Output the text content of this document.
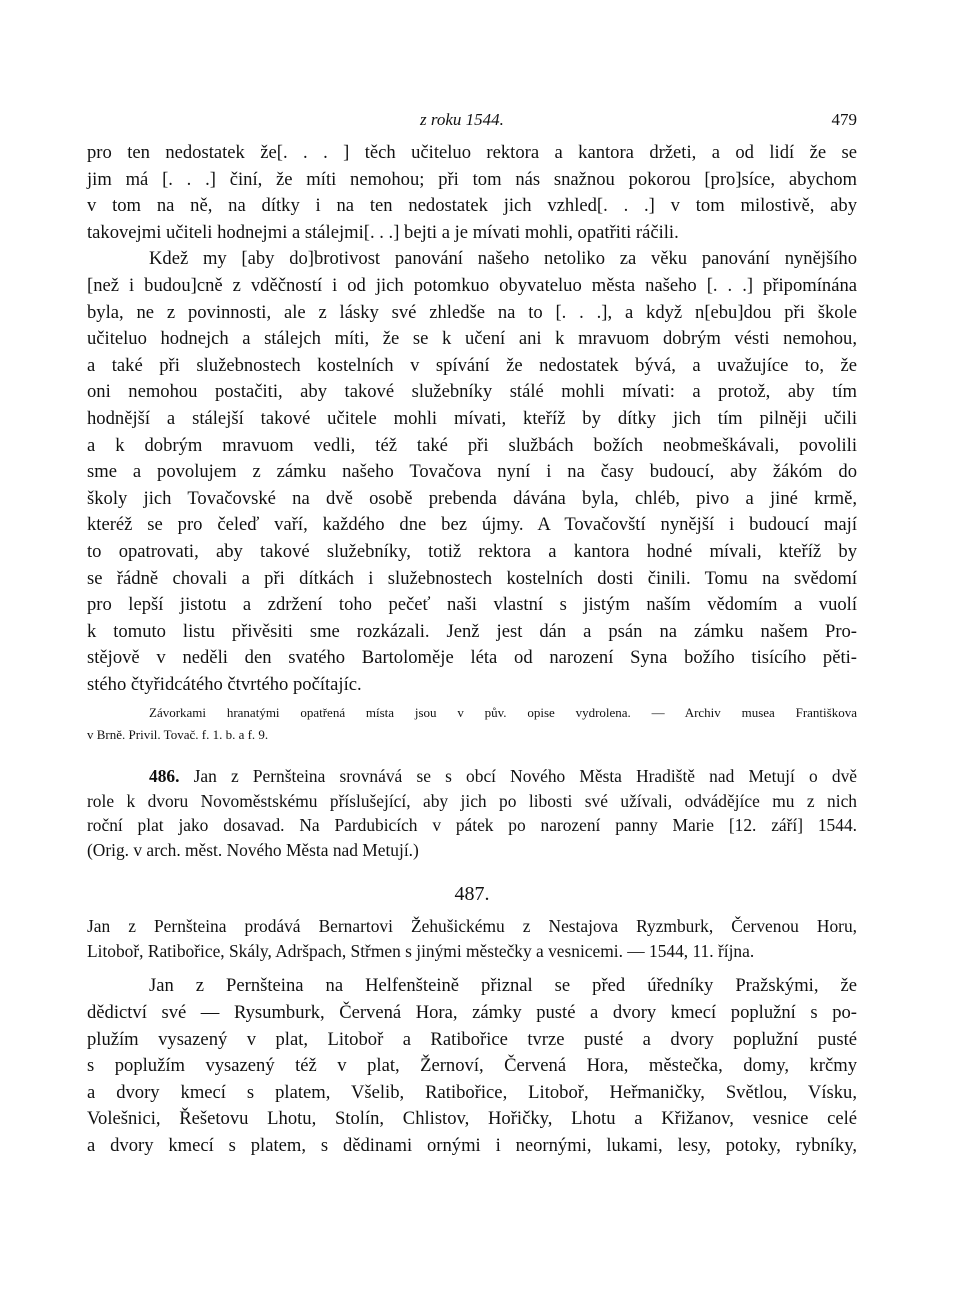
z roku 1544.	479
pro ten nedostatek že[. . . ] těch učiteluo rektora a kantora držeti, a od lidí že se
jim má [. . .] činí, že míti nemohou; při tom nás snažnou pokorou [pro]síce, abychom
v tom na ně, na dítky i na ten nedostatek jich vzhled[. . .] v tom milostivě, aby
takovejmi učiteli hodnejmi a stálejmi[. . .] bejti a je mívati mohli, opatřiti ráčili.
Kdež my [aby do]brotivost panování našeho netoliko za věku panování nynějšího
[než i budou]cně z vděčností i od jich potomkuo obyvateluo města našeho [. . .] připomínána
byla, ne z povinnosti, ale z lásky své zhledše na to [. . .], a když n[ebu]dou při škole
učiteluo hodnejch a stálejch míti, že se k učení ani k mravuom dobrým vésti nemohou,
a také při služebnostech kostelních v spívání že nedostatek bývá, a uvažujíce to, že
oni nemohou postačiti, aby takové služebníky stálé mohli mívati: a protož, aby tím
hodnější a stálejší takové učitele mohli mívati, kteříž by dítky jich tím pilněji učili
a k dobrým mravuom vedli, též také při službách božích neobmeškávali, povolili
sme a povolujem z zámku našeho Tovačova nyní i na časy budoucí, aby žákóm do
školy jich Tovačovské na dvě osobě prebenda dávána byla, chléb, pivo a jiné krmě,
kteréž se pro čeleď vaří, každého dne bez újmy. A Tovačovští nynější i budoucí mají
to opatrovati, aby takové služebníky, totiž rektora a kantora hodné mívali, kteříž by
se řádně chovali a při dítkách i služebnostech kostelních dosti činili. Tomu na svědomí
pro lepší jistotu a zdržení toho pečeť naši vlastní s jistým naším vědomím a vuolí
k tomuto listu přivěsiti sme rozkázali. Jenž jest dán a psán na zámku našem Pro-
stějově v neděli den svatého Bartoloměje léta od narození Syna božího tisícího pěti-
stého čtyřidcátého čtvrtého počítajíc.
Závorkami hranatými opatřená místa jsou v pův. opise vydrolena. — Archiv musea Františkova
v Brně. Privil. Tovač. f. 1. b. a f. 9.
486. Jan z Pernšteina srovnává se s obcí Nového Města Hradiště nad Metují o dvě
role k dvoru Novoměstskému příslušející, aby jich po libosti své užívali, odvádějíce mu z nich
roční plat jako dosavad. Na Pardubicích v pátek po narození panny Marie [12. září] 1544.
(Orig. v arch. měst. Nového Města nad Metují.)
487.
Jan z Pernšteina prodává Bernartovi Žehušickému z Nestajova Ryzmburk, Červenou Horu,
Litoboř, Ratibořice, Skály, Adršpach, Střmen s jinými městečky a vesnicemi. — 1544, 11. října.
Jan z Pernšteina na Helfenšteině přiznal se před úředníky Pražskými, že
dědictví své — Rysumburk, Červená Hora, zámky pusté a dvory kmecí poplužní s po-
plužím vysazený v plat, Litoboř a Ratibořice tvrze pusté a dvory poplužní pusté
s poplužím vysazený též v plat, Žernoví, Červená Hora, městečka, domy, krčmy
a dvory kmecí s platem, Všelib, Ratibořice, Litoboř, Heřmaničky, Světlou, Vísku,
Volešnici, Řešetovu Lhotu, Stolín, Chlistov, Hořičky, Lhotu a Křižanov, vesnice celé
a dvory kmecí s platem, s dědinami ornými i neornými, lukami, lesy, potoky, rybníky,
